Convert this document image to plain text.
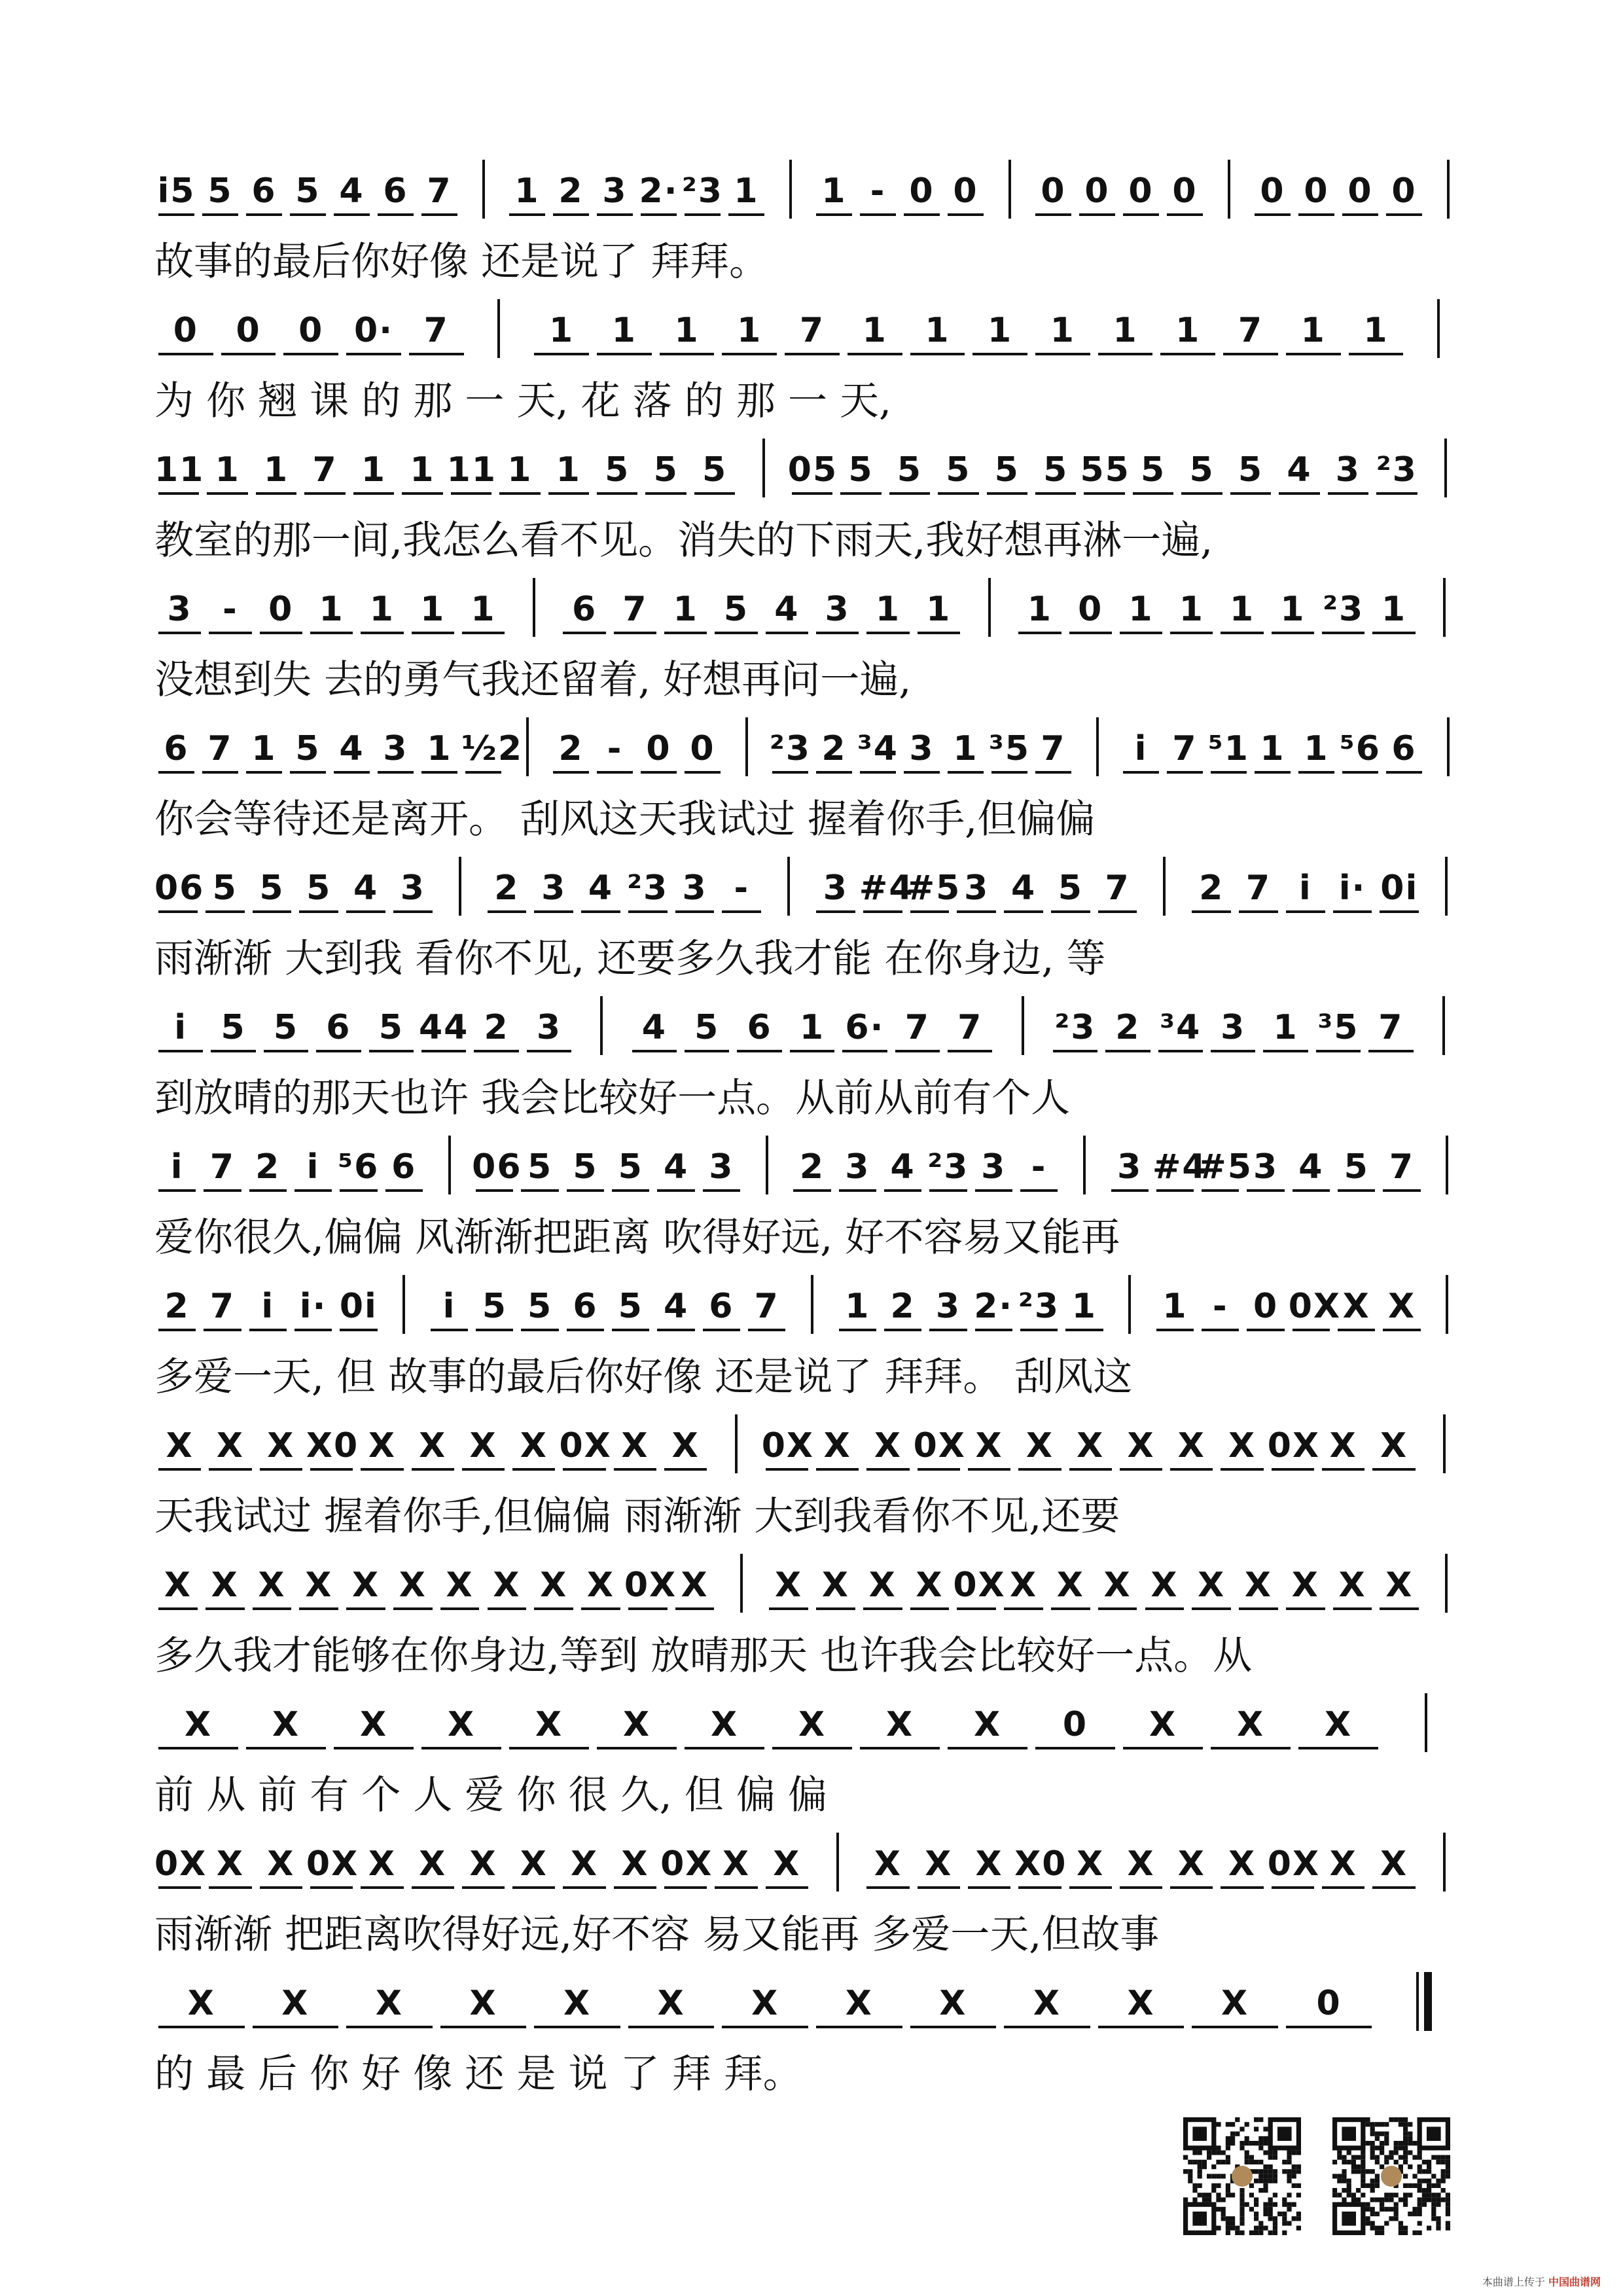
i5 5 6 5 4 6 7 1 2 3 2· ²3 1 1 - 0 0 0 0 0 0 0 0 0 0
故事的最后你好像 还是说了 拜拜。
0	0	0 0· 7	1	1	1	1	7	1	1	1	1	1	1	7	1	1
为 你 翘 课 的 那 一 天, 花 落 的 那 一 天,
11 1 1 7 1 1 11 1 1 5 5 5	05 5 5 5 5 5 55 5 5 5 4 3 ²3
教室的那一间,我怎么看不见。消失的下雨天,我好想再淋一遍,
3 - 0 1 1 1 1	6 7 1 5 4 3 1 1	1 0 1 1 1 1 ²3 1
没想到失 去的勇气我还留着, 好想再问一遍,
6 7 1 5 4 3 1 ½2 2 - 0 0 ²3 2 ³4 3 1 ³5 7	i 7 ⁵1 1 1 ⁵6 6
你会等待还是离开。 刮风这天我试过 握着你手,但偏偏
06 5 5 5 4 3	2 3 4 ²3 3 -	3 #4
#5 3 4 5 7	2 7 i i· 0i
雨渐渐 大到我 看你不见, 还要多久我才能 在你身边, 等
i 5 5 6 5 44 2 3	4 5 6 1 6· 7 7	²3 2 ³4 3 1 ³5 7
到放晴的那天也许 我会比较好一点。从前从前有个人
i 7 2 i ⁵6 6 06 5 5 5 4 3 2 3 4 ²3 3 -	3 #4
#5 3 4 5 7
爱你很久,偏偏 风渐渐把距离 吹得好远, 好不容易又能再
2 7 i i· 0i	i 5 5 6 5 4 6 7 1 2 3 2· ²3 1 1 - 0 0X X X
多爱一天, 但 故事的最后你好像 还是说了 拜拜。 刮风这
X X X X0 X X X X 0X X X	0X X X 0X X X X X X X 0X X X
天我试过 握着你手,但偏偏 雨渐渐 大到我看你不见,还要
X X X X X X X X X X 0X X X X X X 0X X X X X X X X X X
多久我才能够在你身边,等到 放晴那天 也许我会比较好一点。从
X	X	X	X	X	X	X	X	X	X	0	X	X	X
前 从 前 有 个 人 爱 你 很 久, 但 偏 偏
0X X X 0X X X X X X X 0X X X	X X X X0 X X X X 0X X X
雨渐渐 把距离吹得好远,好不容 易又能再 多爱一天,但故事
X	X	X	X	X	X	X	X	X	X	X	X	0
的 最 后 你 好 像 还 是 说 了 拜 拜。
本曲谱上传于 中国曲谱网
